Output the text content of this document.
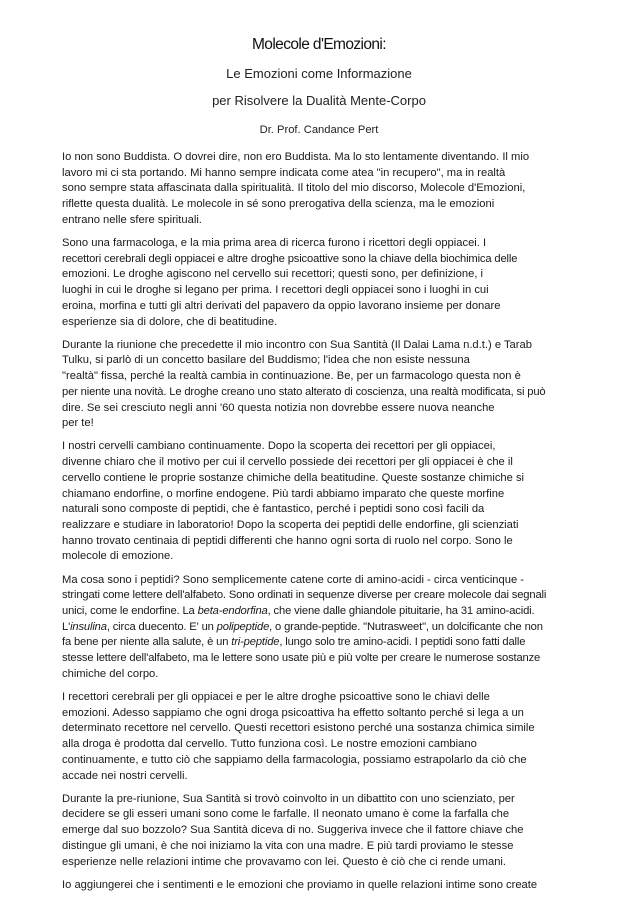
Molecole d'Emozioni:
Le Emozioni come Informazione
per Risolvere la Dualità Mente-Corpo
Dr. Prof. Candance Pert

Io non sono Buddista. O dovrei dire, non ero Buddista. Ma lo sto lentamente diventando. Il mio
lavoro mi ci sta portando. Mi hanno sempre indicata come atea "in recupero", ma in realtà
sono sempre stata affascinata dalla spiritualità. Il titolo del mio discorso, Molecole d'Emozioni,
riflette questa dualità. Le molecole in sé sono prerogativa della scienza, ma le emozioni
entrano nelle sfere spirituali.

Sono una farmacologa, e la mia prima area di ricerca furono i ricettori degli oppiacei. I
recettori cerebrali degli oppiacei e altre droghe psicoattive sono la chiave della biochimica delle
emozioni. Le droghe agiscono nel cervello sui recettori; questi sono, per definizione, i
luoghi in cui le droghe si legano per prima. I recettori degli oppiacei sono i luoghi in cui
eroina, morfina e tutti gli altri derivati del papavero da oppio lavorano insieme per donare
esperienze sia di dolore, che di beatitudine.

Durante la riunione che precedette il mio incontro con Sua Santità (Il Dalai Lama n.d.t.) e Tarab
Tulku, si parlò di un concetto basilare del Buddismo; l'idea che non esiste nessuna
"realtà" fissa, perché la realtà cambia in continuazione. Be, per un farmacologo questa non è
per niente una novità. Le droghe creano uno stato alterato di coscienza, una realtà modificata, si può
dire. Se sei cresciuto negli anni '60 questa notizia non dovrebbe essere nuova neanche
per te!

I nostri cervelli cambiano continuamente. Dopo la scoperta dei recettori per gli oppiacei,
divenne chiaro che il motivo per cui il cervello possiede dei recettori per gli oppiacei è che il
cervello contiene le proprie sostanze chimiche della beatitudine. Queste sostanze chimiche si
chiamano endorfine, o morfine endogene. Più tardi abbiamo imparato che queste morfine
naturali sono composte di peptidi, che è fantastico, perché i peptidi sono così facili da
realizzare e studiare in laboratorio! Dopo la scoperta dei peptidi delle endorfine, gli scienziati
hanno trovato centinaia di peptidi differenti che hanno ogni sorta di ruolo nel corpo. Sono le
molecole di emozione.

Ma cosa sono i peptidi? Sono semplicemente catene corte di amino-acidi - circa venticinque -
stringati come lettere dell'alfabeto. Sono ordinati in sequenze diverse per creare molecole dai segnali
unici, come le endorfine. La beta-endorfina, che viene dalle ghiandole pituitarie, ha 31 amino-acidi.
L'insulina, circa duecento. E' un polipeptide, o grande-peptide. "Nutrasweet", un dolcificante che non
fa bene per niente alla salute, è un tri-peptide, lungo solo tre amino-acidi. I peptidi sono fatti dalle
stesse lettere dell'alfabeto, ma le lettere sono usate più e più volte per creare le numerose sostanze
chimiche del corpo.

I recettori cerebrali per gli oppiacei e per le altre droghe psicoattive sono le chiavi delle
emozioni. Adesso sappiamo che ogni droga psicoattiva ha effetto soltanto perché si lega a un
determinato recettore nel cervello. Questi recettori esistono perché una sostanza chimica simile
alla droga è prodotta dal cervello. Tutto funziona così. Le nostre emozioni cambiano
continuamente, e tutto ciò che sappiamo della farmacologia, possiamo estrapolarlo da ciò che
accade nei nostri cervelli.

Durante la pre-riunione, Sua Santità si trovò coinvolto in un dibattito con uno scienziato, per
decidere se gli esseri umani sono come le farfalle. Il neonato umano è come la farfalla che
emerge dal suo bozzolo? Sua Santità diceva di no. Suggeriva invece che il fattore chiave che
distingue gli umani, è che noi iniziamo la vita con una madre. E più tardi proviamo le stesse
esperienze nelle relazioni intime che provavamo con lei. Questo è ciò che ci rende umani.

Io aggiungerei che i sentimenti e le emozioni che proviamo in quelle relazioni intime sono create
